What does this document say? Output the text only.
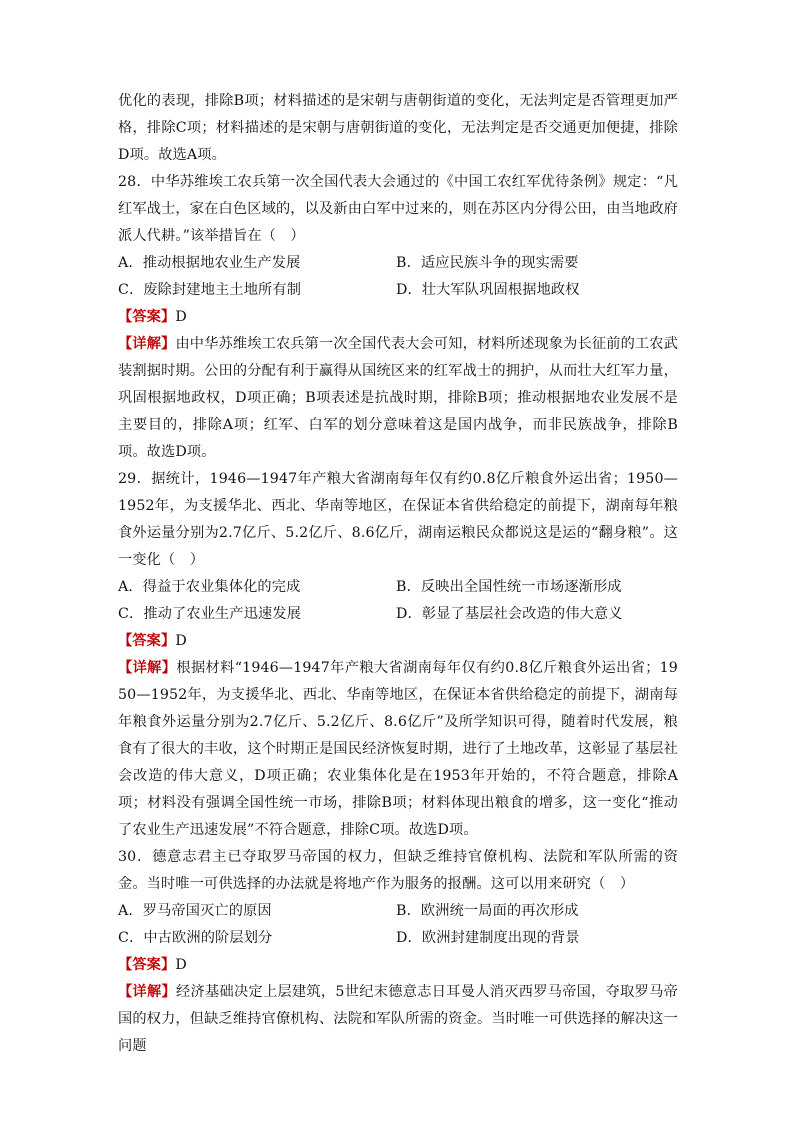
优化的表现，排除B项；材料描述的是宋朝与唐朝街道的变化，无法判定是否管理更加严格，排除C项；材料描述的是宋朝与唐朝街道的变化，无法判定是否交通更加便捷，排除D项。故选A项。

28．中华苏维埃工农兵第一次全国代表大会通过的《中国工农红军优待条例》规定：“凡红军战士，家在白色区域的，以及新由白军中过来的，则在苏区内分得公田，由当地政府派人代耕。”该举措旨在（　）

A．推动根据地农业生产发展	B．适应民族斗争的现实需要
C．废除封建地主土地所有制	D．壮大军队巩固根据地政权

【答案】D

【详解】由中华苏维埃工农兵第一次全国代表大会可知，材料所述现象为长征前的工农武装割据时期。公田的分配有利于赢得从国统区来的红军战士的拥护，从而壮大红军力量，巩固根据地政权，D项正确；B项表述是抗战时期，排除B项；推动根据地农业发展不是主要目的，排除A项；红军、白军的划分意味着这是国内战争，而非民族战争，排除B项。故选D项。

29．据统计，1946—1947年产粮大省湖南每年仅有约0.8亿斤粮食外运出省；1950—1952年，为支援华北、西北、华南等地区，在保证本省供给稳定的前提下，湖南每年粮食外运量分别为2.7亿斤、5.2亿斤、8.6亿斤，湖南运粮民众都说这是运的“翻身粮”。这一变化（　）

A．得益于农业集体化的完成	B．反映出全国性统一市场逐渐形成
C．推动了农业生产迅速发展	D．彰显了基层社会改造的伟大意义

【答案】D

【详解】根据材料“1946—1947年产粮大省湖南每年仅有约0.8亿斤粮食外运出省；1950—1952年，为支援华北、西北、华南等地区，在保证本省供给稳定的前提下，湖南每年粮食外运量分别为2.7亿斤、5.2亿斤、8.6亿斤”及所学知识可得，随着时代发展，粮食有了很大的丰收，这个时期正是国民经济恢复时期，进行了土地改革，这彰显了基层社会改造的伟大意义，D项正确；农业集体化是在1953年开始的，不符合题意，排除A项；材料没有强调全国性统一市场，排除B项；材料体现出粮食的增多，这一变化“推动了农业生产迅速发展”不符合题意，排除C项。故选D项。

30．德意志君主已夺取罗马帝国的权力，但缺乏维持官僚机构、法院和军队所需的资金。当时唯一可供选择的办法就是将地产作为服务的报酬。这可以用来研究（　）

A．罗马帝国灭亡的原因	B．欧洲统一局面的再次形成
C．中古欧洲的阶层划分	D．欧洲封建制度出现的背景

【答案】D

【详解】经济基础决定上层建筑，5世纪末德意志日耳曼人消灭西罗马帝国，夺取罗马帝国的权力，但缺乏维持官僚机构、法院和军队所需的资金。当时唯一可供选择的解决这一问题
